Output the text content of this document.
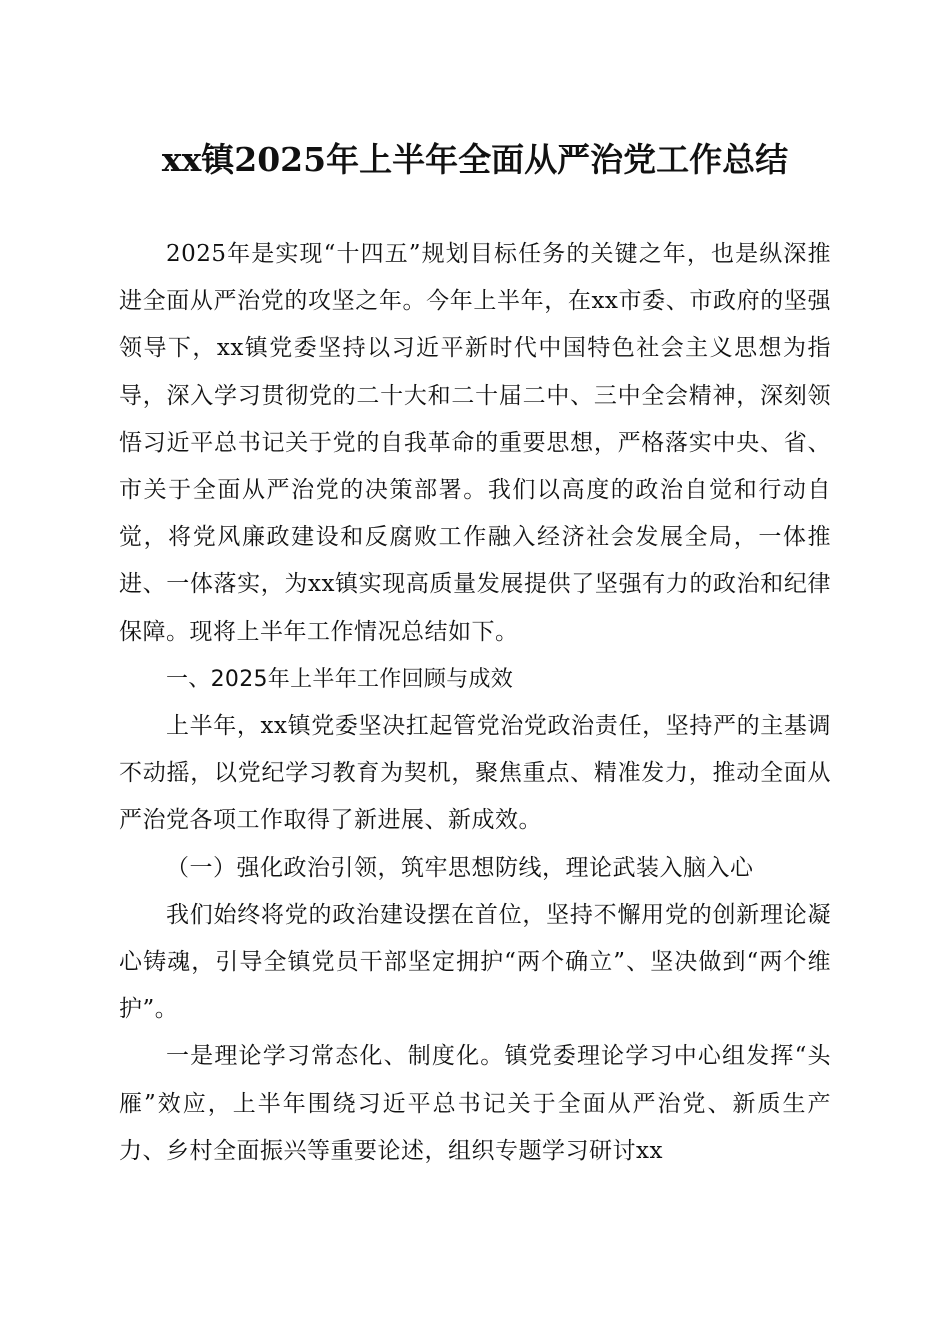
xx镇2025年上半年全面从严治党工作总结

2025年是实现“十四五”规划目标任务的关键之年，也是纵深推进全面从严治党的攻坚之年。今年上半年，在xx市委、市政府的坚强领导下，xx镇党委坚持以习近平新时代中国特色社会主义思想为指导，深入学习贯彻党的二十大和二十届二中、三中全会精神，深刻领悟习近平总书记关于党的自我革命的重要思想，严格落实中央、省、市关于全面从严治党的决策部署。我们以高度的政治自觉和行动自觉，将党风廉政建设和反腐败工作融入经济社会发展全局，一体推进、一体落实，为xx镇实现高质量发展提供了坚强有力的政治和纪律保障。现将上半年工作情况总结如下。

一、2025年上半年工作回顾与成效

上半年，xx镇党委坚决扛起管党治党政治责任，坚持严的主基调不动摇，以党纪学习教育为契机，聚焦重点、精准发力，推动全面从严治党各项工作取得了新进展、新成效。

（一）强化政治引领，筑牢思想防线，理论武装入脑入心

我们始终将党的政治建设摆在首位，坚持不懈用党的创新理论凝心铸魂，引导全镇党员干部坚定拥护“两个确立”、坚决做到“两个维护”。

一是理论学习常态化、制度化。镇党委理论学习中心组发挥“头雁”效应，上半年围绕习近平总书记关于全面从严治党、新质生产力、乡村全面振兴等重要论述，组织专题学习研讨xx
